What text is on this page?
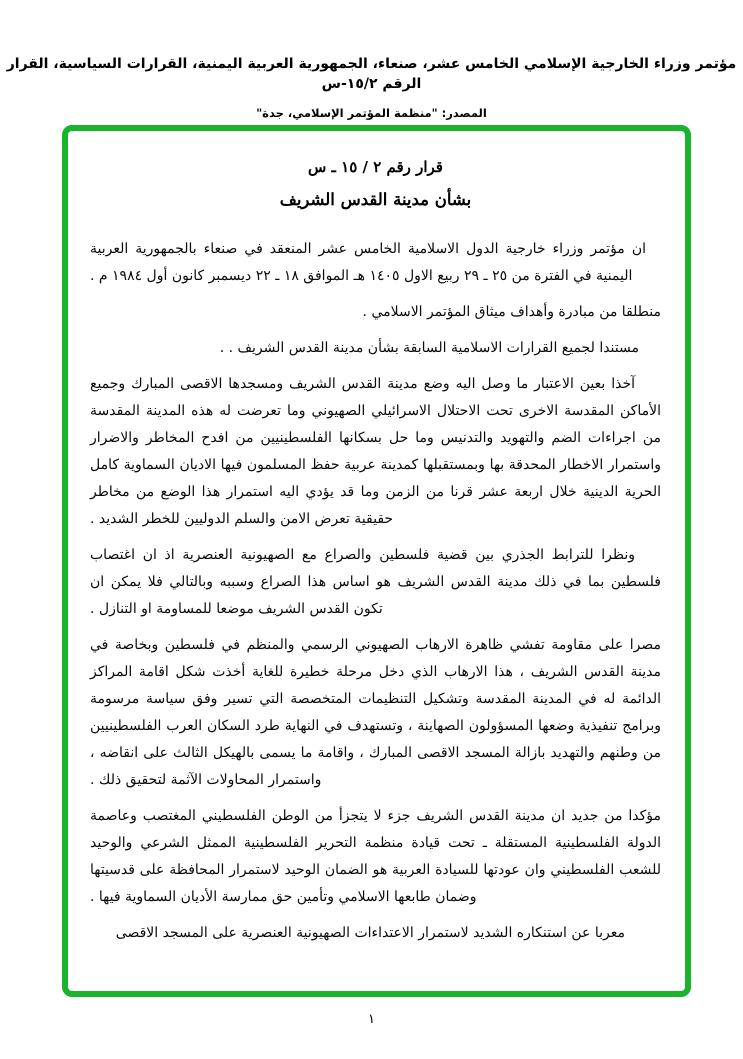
مؤتمر وزراء الخارجية الإسلامي الخامس عشر، صنعاء، الجمهورية العربية اليمنية، القرارات السياسية، القرار الرقم ١٥/٢-س
المصدر: "منظمة المؤتمر الإسلامي، جدة"
قرار رقم ٢ / ١٥ ـ س
بشأن مدينة القدس الشريف

ان مؤتمر وزراء خارجية الدول الاسلامية الخامس عشر المنعقد في صنعاء بالجمهورية العربية اليمنية في الفترة من ٢٥ ـ ٢٩ ربيع الاول ١٤٠٥ هـ الموافق ١٨ ـ ٢٢ ديسمبر كانون أول ١٩٨٤ م .

منطلقا من مبادرة وأهداف ميثاق المؤتمر الاسلامي .

مستندا لجميع القرارات الاسلامية السابقة بشأن مدينة القدس الشريف . .

آخذا بعين الاعتبار ما وصل اليه وضع مدينة القدس الشريف ومسجدها الاقصى المبارك وجميع الأماكن المقدسة الاخرى تحت الاحتلال الاسرائيلي الصهيوني وما تعرضت له هذه المدينة المقدسة من اجراءات الضم والتهويد والتدنيس وما حل بسكانها الفلسطينيين من افدح المخاطر والاضرار واستمرار الاخطار المحدقة بها وبمستقبلها كمدينة عربية حفظ المسلمون فيها الاديان السماوية كامل الحرية الدينية خلال اربعة عشر قرنا من الزمن وما قد يؤدي اليه استمرار هذا الوضع من مخاطر حقيقية تعرض الامن والسلم الدوليين للخطر الشديد .

ونظرا للترابط الجذري بين قضية فلسطين والصراع مع الصهيونية العنصرية اذ ان اغتصاب فلسطين بما في ذلك مدينة القدس الشريف هو اساس هذا الصراع وسببه وبالتالي فلا يمكن ان تكون القدس الشريف موضعا للمساومة او التنازل .

مصرا على مقاومة تفشي ظاهرة الارهاب الصهيوني الرسمي والمنظم في فلسطين وبخاصة في مدينة القدس الشريف ، هذا الارهاب الذي دخل مرحلة خطيرة للغاية أخذت شكل اقامة المراكز الدائمة له في المدينة المقدسة وتشكيل التنظيمات المتخصصة التي تسير وفق سياسة مرسومة وبرامج تنفيذية وضعها المسؤولون الصهاينة ، وتستهدف في النهاية طرد السكان العرب الفلسطينيين من وطنهم والتهديد بازالة المسجد الاقصى المبارك ، واقامة ما يسمى بالهيكل الثالث على انقاضه ، واستمرار المحاولات الآثمة لتحقيق ذلك .

مؤكدا من جديد ان مدينة القدس الشريف جزء لا يتجزأ من الوطن الفلسطيني المغتصب وعاصمة الدولة الفلسطينية المستقلة ـ تحت قيادة منظمة التحرير الفلسطينية الممثل الشرعي والوحيد للشعب الفلسطيني وان عودتها للسيادة العربية هو الضمان الوحيد لاستمرار المحافظة على قدسيتها وضمان طابعها الاسلامي وتأمين حق ممارسة الأديان السماوية فيها .

معربا عن استنكاره الشديد لاستمرار الاعتداءات الصهيونية العنصرية على المسجد الاقصى

١
